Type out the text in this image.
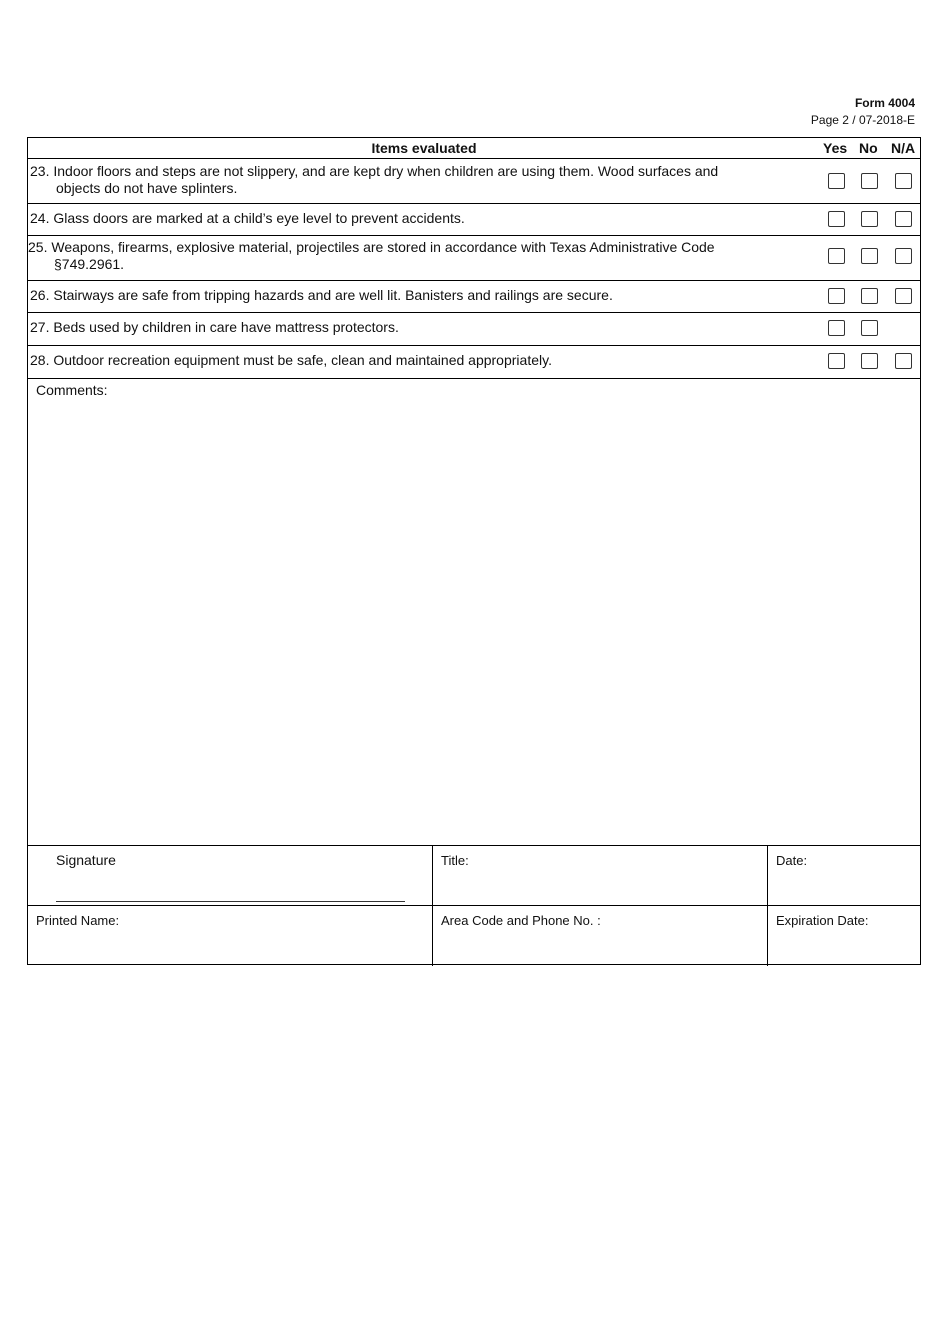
Form 4004
Page 2 / 07-2018-E
Items evaluated	Yes No N/A
23. Indoor floors and steps are not slippery, and are kept dry when children are using them. Wood surfaces and
objects do not have splinters.
24. Glass doors are marked at a child’s eye level to prevent accidents.
25. Weapons, firearms, explosive material, projectiles are stored in accordance with Texas Administrative Code
§749.2961.
26. Stairways are safe from tripping hazards and are well lit. Banisters and railings are secure.
27. Beds used by children in care have mattress protectors.
28. Outdoor recreation equipment must be safe, clean and maintained appropriately.
Comments:
Signature	Title:	Date:
Printed Name:	Area Code and Phone No. :	Expiration Date:
